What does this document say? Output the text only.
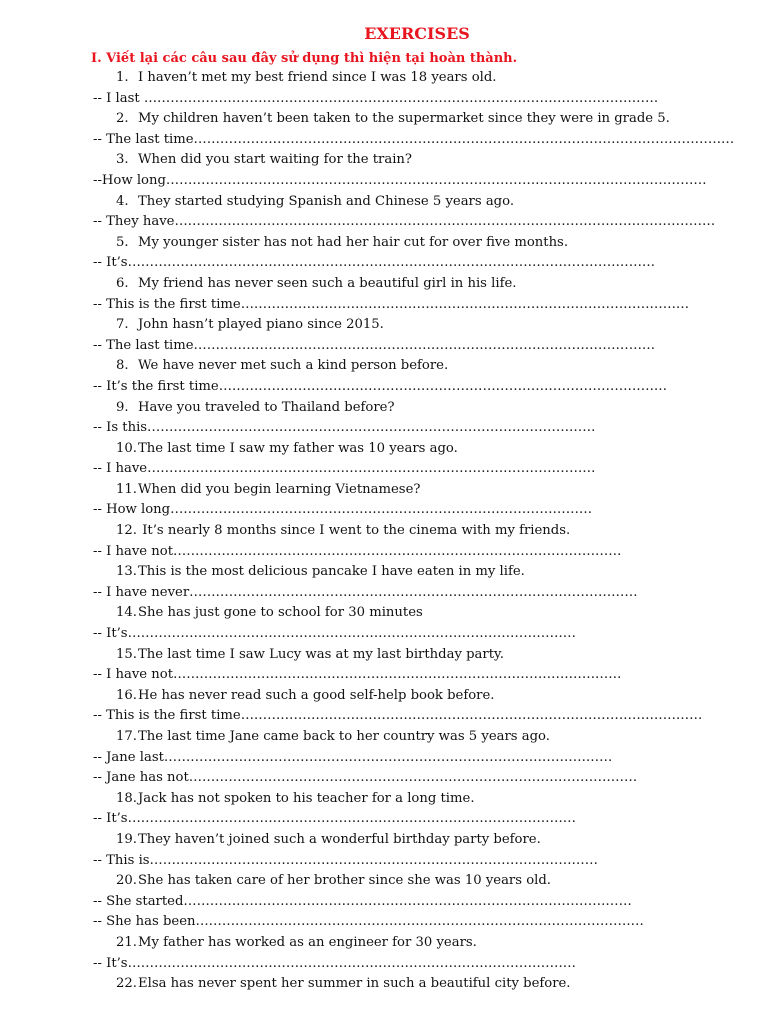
EXERCISES
I. Viết lại các câu sau đây sử dụng thì hiện tại hoàn thành.
1. I haven’t met my best friend since I was 18 years old.
-- I last ………………………………………………………………………………………………………
2. My children haven’t been taken to the supermarket since they were in grade 5.
-- The last time……………………………………………………………………………………………………………
3. When did you start waiting for the train?
--How long……………………………………………………………………………………………………………
4. They started studying Spanish and Chinese 5 years ago.
-- They have……………………………………………………………………………………………………………
5. My younger sister has not had her hair cut for over five months.
-- It’s…………………………………………………………………………………………………………
6. My friend has never seen such a beautiful girl in his life.
-- This is the first time…………………………………………………………………………………………
7. John hasn’t played piano since 2015.
-- The last time……………………………………………………………………………………………
8. We have never met such a kind person before.
-- It’s the first time…………………………………………………………………………………………
9. Have you traveled to Thailand before?
-- Is this…………………………………………………………………………………………
10.The last time I saw my father was 10 years ago.
-- I have…………………………………………………………………………………………
11.When did you begin learning Vietnamese?
-- How long……………………………………………………………………………………
12. It’s nearly 8 months since I went to the cinema with my friends.
-- I have not…………………………………………………………………………………………
13.This is the most delicious pancake I have eaten in my life.
-- I have never…………………………………………………………………………………………
14.She has just gone to school for 30 minutes
-- It’s…………………………………………………………………………………………
15.The last time I saw Lucy was at my last birthday party.
-- I have not…………………………………………………………………………………………
16.He has never read such a good self-help book before.
-- This is the first time……………………………………………………………………………………………
17.The last time Jane came back to her country was 5 years ago.
-- Jane last…………………………………………………………………………………………
-- Jane has not…………………………………………………………………………………………
18.Jack has not spoken to his teacher for a long time.
-- It’s…………………………………………………………………………………………
19.They haven’t joined such a wonderful birthday party before.
-- This is…………………………………………………………………………………………
20.She has taken care of her brother since she was 10 years old.
-- She started…………………………………………………………………………………………
-- She has been…………………………………………………………………………………………
21.My father has worked as an engineer for 30 years.
-- It’s…………………………………………………………………………………………
22.Elsa has never spent her summer in such a beautiful city before.
